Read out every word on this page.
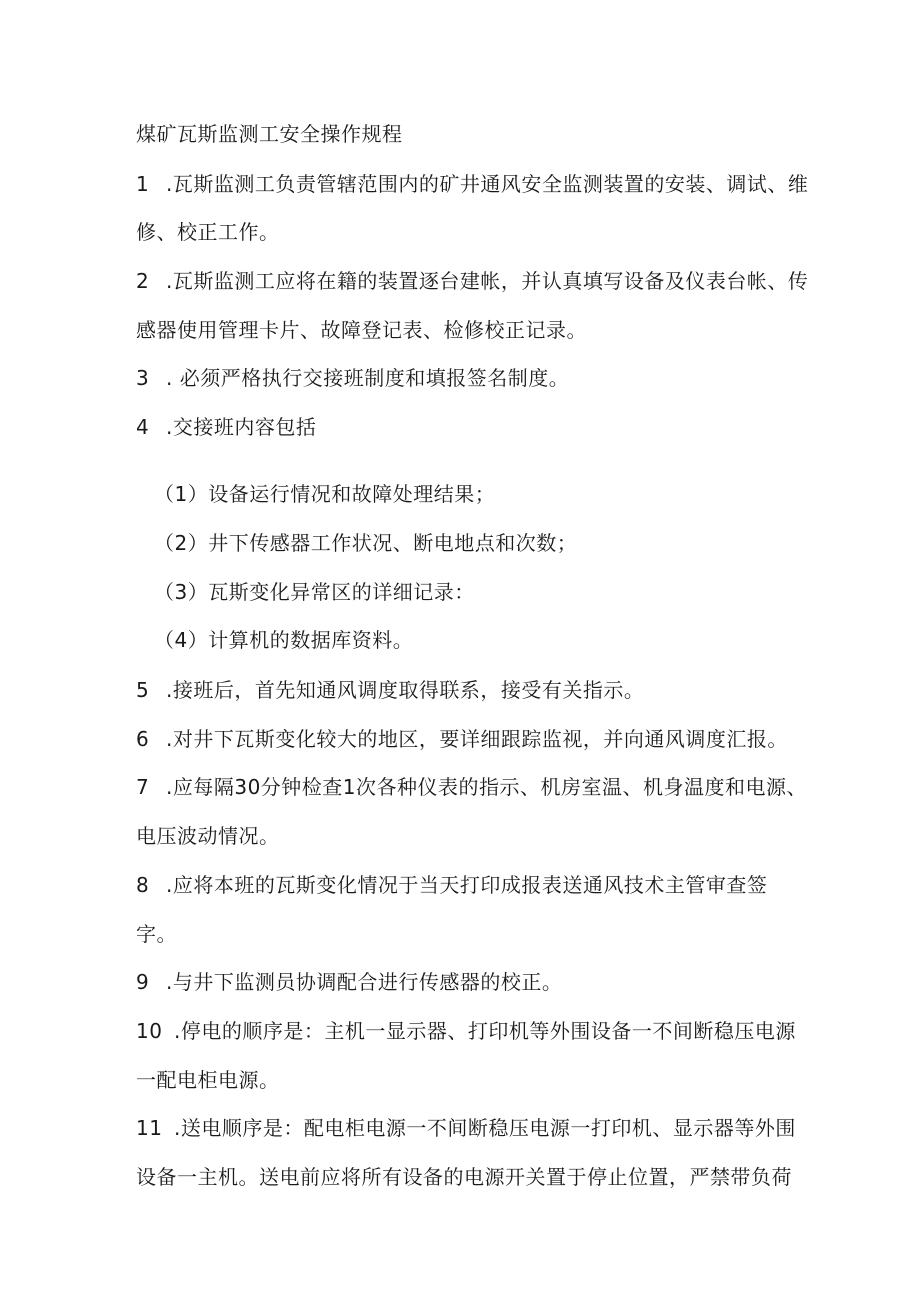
煤矿瓦斯监测工安全操作规程
1 .瓦斯监测工负责管辖范围内的矿井通风安全监测装置的安装、调试、维
修、校正工作。
2 .瓦斯监测工应将在籍的装置逐台建帐，并认真填写设备及仪表台帐、传
感器使用管理卡片、故障登记表、检修校正记录。
3 . 必须严格执行交接班制度和填报签名制度。
4 .交接班内容包括
（1）设备运行情况和故障处理结果；
（2）井下传感器工作状况、断电地点和次数；
（3）瓦斯变化异常区的详细记录：
（4）计算机的数据库资料。
5 .接班后，首先知通风调度取得联系，接受有关指示。
6 .对井下瓦斯变化较大的地区，要详细跟踪监视，并向通风调度汇报。
7 .应每隔30分钟检查1次各种仪表的指示、机房室温、机身温度和电源、
电压波动情况。
8 .应将本班的瓦斯变化情况于当天打印成报表送通风技术主管审查签
字。
9 .与井下监测员协调配合进行传感器的校正。
10 .停电的顺序是：主机一显示器、打印机等外围设备一不间断稳压电源
一配电柜电源。
11 .送电顺序是：配电柜电源一不间断稳压电源一打印机、显示器等外围
设备一主机。送电前应将所有设备的电源开关置于停止位置，严禁带负荷
